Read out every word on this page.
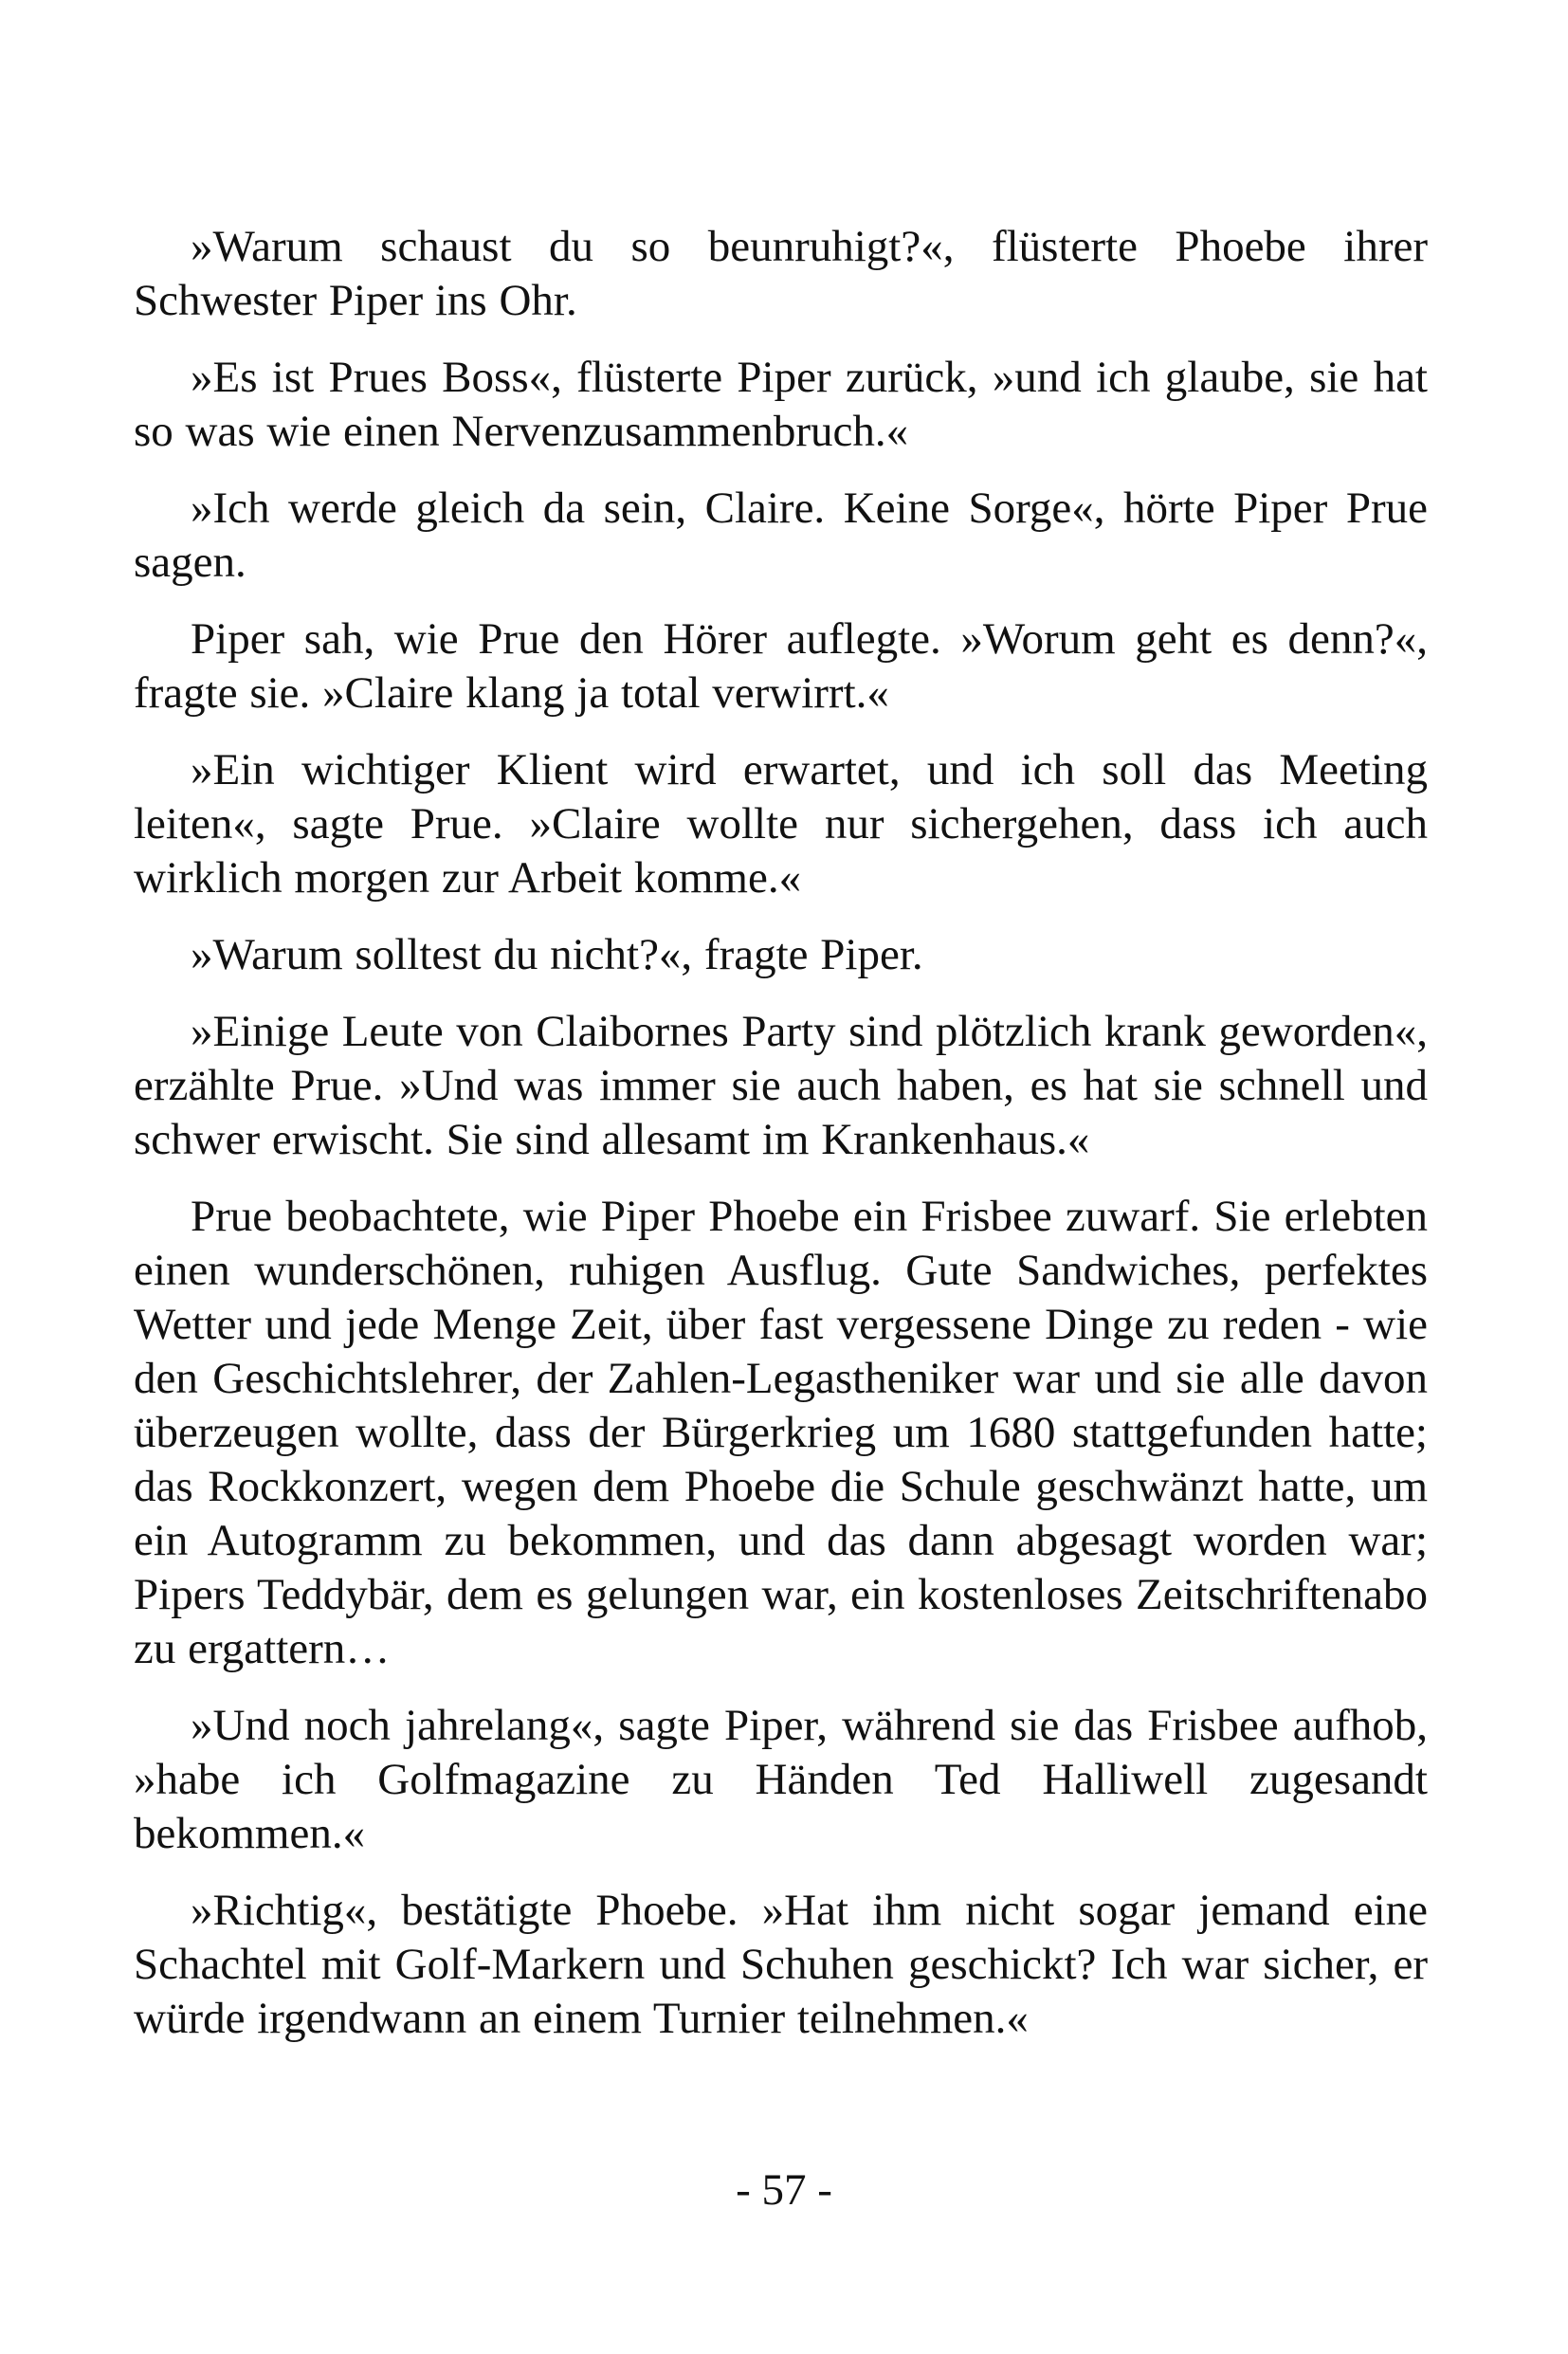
»Warum schaust du so beunruhigt?«, flüsterte Phoebe ihrer Schwester Piper ins Ohr.

»Es ist Prues Boss«, flüsterte Piper zurück, »und ich glaube, sie hat so was wie einen Nervenzusammenbruch.«

»Ich werde gleich da sein, Claire. Keine Sorge«, hörte Piper Prue sagen.

Piper sah, wie Prue den Hörer auflegte. »Worum geht es denn?«, fragte sie. »Claire klang ja total verwirrt.«

»Ein wichtiger Klient wird erwartet, und ich soll das Meeting leiten«, sagte Prue. »Claire wollte nur sichergehen, dass ich auch wirklich morgen zur Arbeit komme.«

»Warum solltest du nicht?«, fragte Piper.

»Einige Leute von Claibornes Party sind plötzlich krank geworden«, erzählte Prue. »Und was immer sie auch haben, es hat sie schnell und schwer erwischt. Sie sind allesamt im Krankenhaus.«

Prue beobachtete, wie Piper Phoebe ein Frisbee zuwarf. Sie erlebten einen wunderschönen, ruhigen Ausflug. Gute Sandwiches, perfektes Wetter und jede Menge Zeit, über fast vergessene Dinge zu reden - wie den Geschichtslehrer, der Zahlen-Legastheniker war und sie alle davon überzeugen wollte, dass der Bürgerkrieg um 1680 stattgefunden hatte; das Rockkonzert, wegen dem Phoebe die Schule geschwänzt hatte, um ein Autogramm zu bekommen, und das dann abgesagt worden war; Pipers Teddybär, dem es gelungen war, ein kostenloses Zeitschriftenabo zu ergattern…

»Und noch jahrelang«, sagte Piper, während sie das Frisbee aufhob, »habe ich Golfmagazine zu Händen Ted Halliwell zugesandt bekommen.«

»Richtig«, bestätigte Phoebe. »Hat ihm nicht sogar jemand eine Schachtel mit Golf-Markern und Schuhen geschickt? Ich war sicher, er würde irgendwann an einem Turnier teilnehmen.«

- 57 -
